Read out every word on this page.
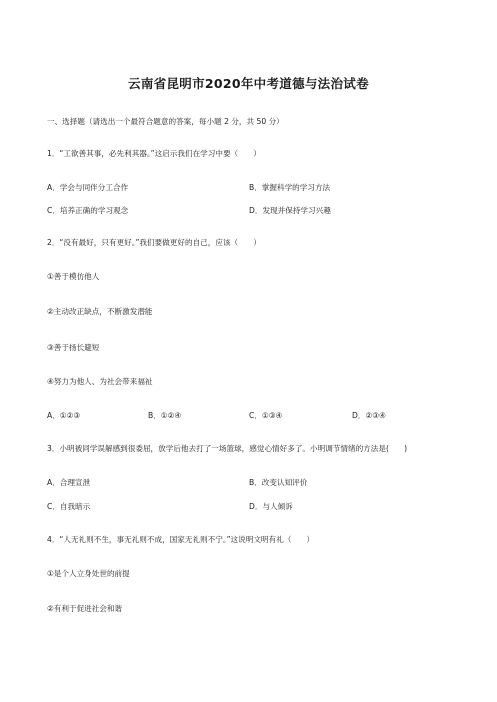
云南省昆明市2020年中考道德与法治试卷
一、选择题（请选出一个最符合题意的答案，每小题 2 分，共 50 分）
1．“工欲善其事，必先利其器。”这启示我们在学习中要（　　）
A．学会与同伴分工合作	B．掌握科学的学习方法
C．培养正确的学习观念	D．发现并保持学习兴趣
2．“没有最好，只有更好。”我们要做更好的自己，应该（　　）
①善于模仿他人
②主动改正缺点，不断激发潜能
③善于扬长避短
④努力为他人、为社会带来福祉
A．①②③	B．①②④	C．①③④	D．②③④
3．小明被同学误解感到很委屈，放学后他去打了一场篮球，感觉心情好多了。小明调节情绪的方法是(　　)
A．合理宣泄	B．改变认知评价
C．自我暗示	D．与人倾诉
4．“人无礼则不生，事无礼则不成，国家无礼则不宁。”这说明文明有礼（　　）
①是个人立身处世的前提
②有利于促进社会和谐
